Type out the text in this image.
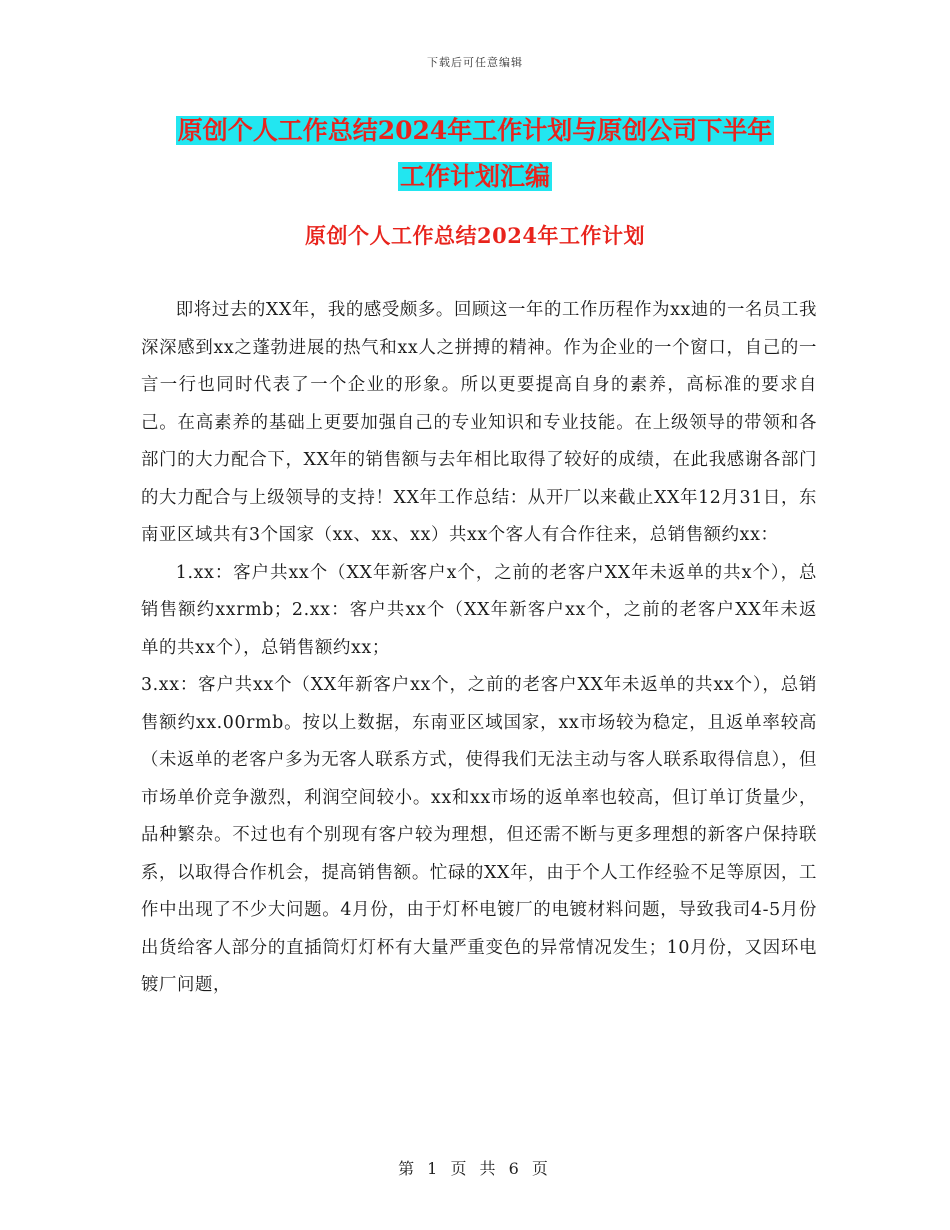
下载后可任意编辑
原创个人工作总结2024年工作计划与原创公司下半年
工作计划汇编
原创个人工作总结2024年工作计划

即将过去的XX年，我的感受颇多。回顾这一年的工作历程作为xx迪的一名员工我深深感到xx之蓬勃进展的热气和xx人之拼搏的精神。作为企业的一个窗口，自己的一言一行也同时代表了一个企业的形象。所以更要提高自身的素养，高标准的要求自己。在高素养的基础上更要加强自己的专业知识和专业技能。在上级领导的带领和各部门的大力配合下，XX年的销售额与去年相比取得了较好的成绩，在此我感谢各部门的大力配合与上级领导的支持！XX年工作总结：从开厂以来截止XX年12月31日，东南亚区域共有3个国家（xx、xx、xx）共xx个客人有合作往来，总销售额约xx：

1.xx：客户共xx个（XX年新客户x个，之前的老客户XX年未返单的共x个），总销售额约xxrmb；2.xx：客户共xx个（XX年新客户xx个，之前的老客户XX年未返单的共xx个），总销售额约xx；

3.xx：客户共xx个（XX年新客户xx个，之前的老客户XX年未返单的共xx个），总销售额约xx.00rmb。按以上数据，东南亚区域国家，xx市场较为稳定，且返单率较高（未返单的老客户多为无客人联系方式，使得我们无法主动与客人联系取得信息），但市场单价竞争激烈，利润空间较小。xx和xx市场的返单率也较高，但订单订货量少，品种繁杂。不过也有个别现有客户较为理想，但还需不断与更多理想的新客户保持联系，以取得合作机会，提高销售额。忙碌的XX年，由于个人工作经验不足等原因，工作中出现了不少大问题。4月份，由于灯杯电镀厂的电镀材料问题，导致我司4-5月份出货给客人部分的直插筒灯灯杯有大量严重变色的异常情况发生；10月份，又因环电镀厂问题，

第 1 页 共 6 页
